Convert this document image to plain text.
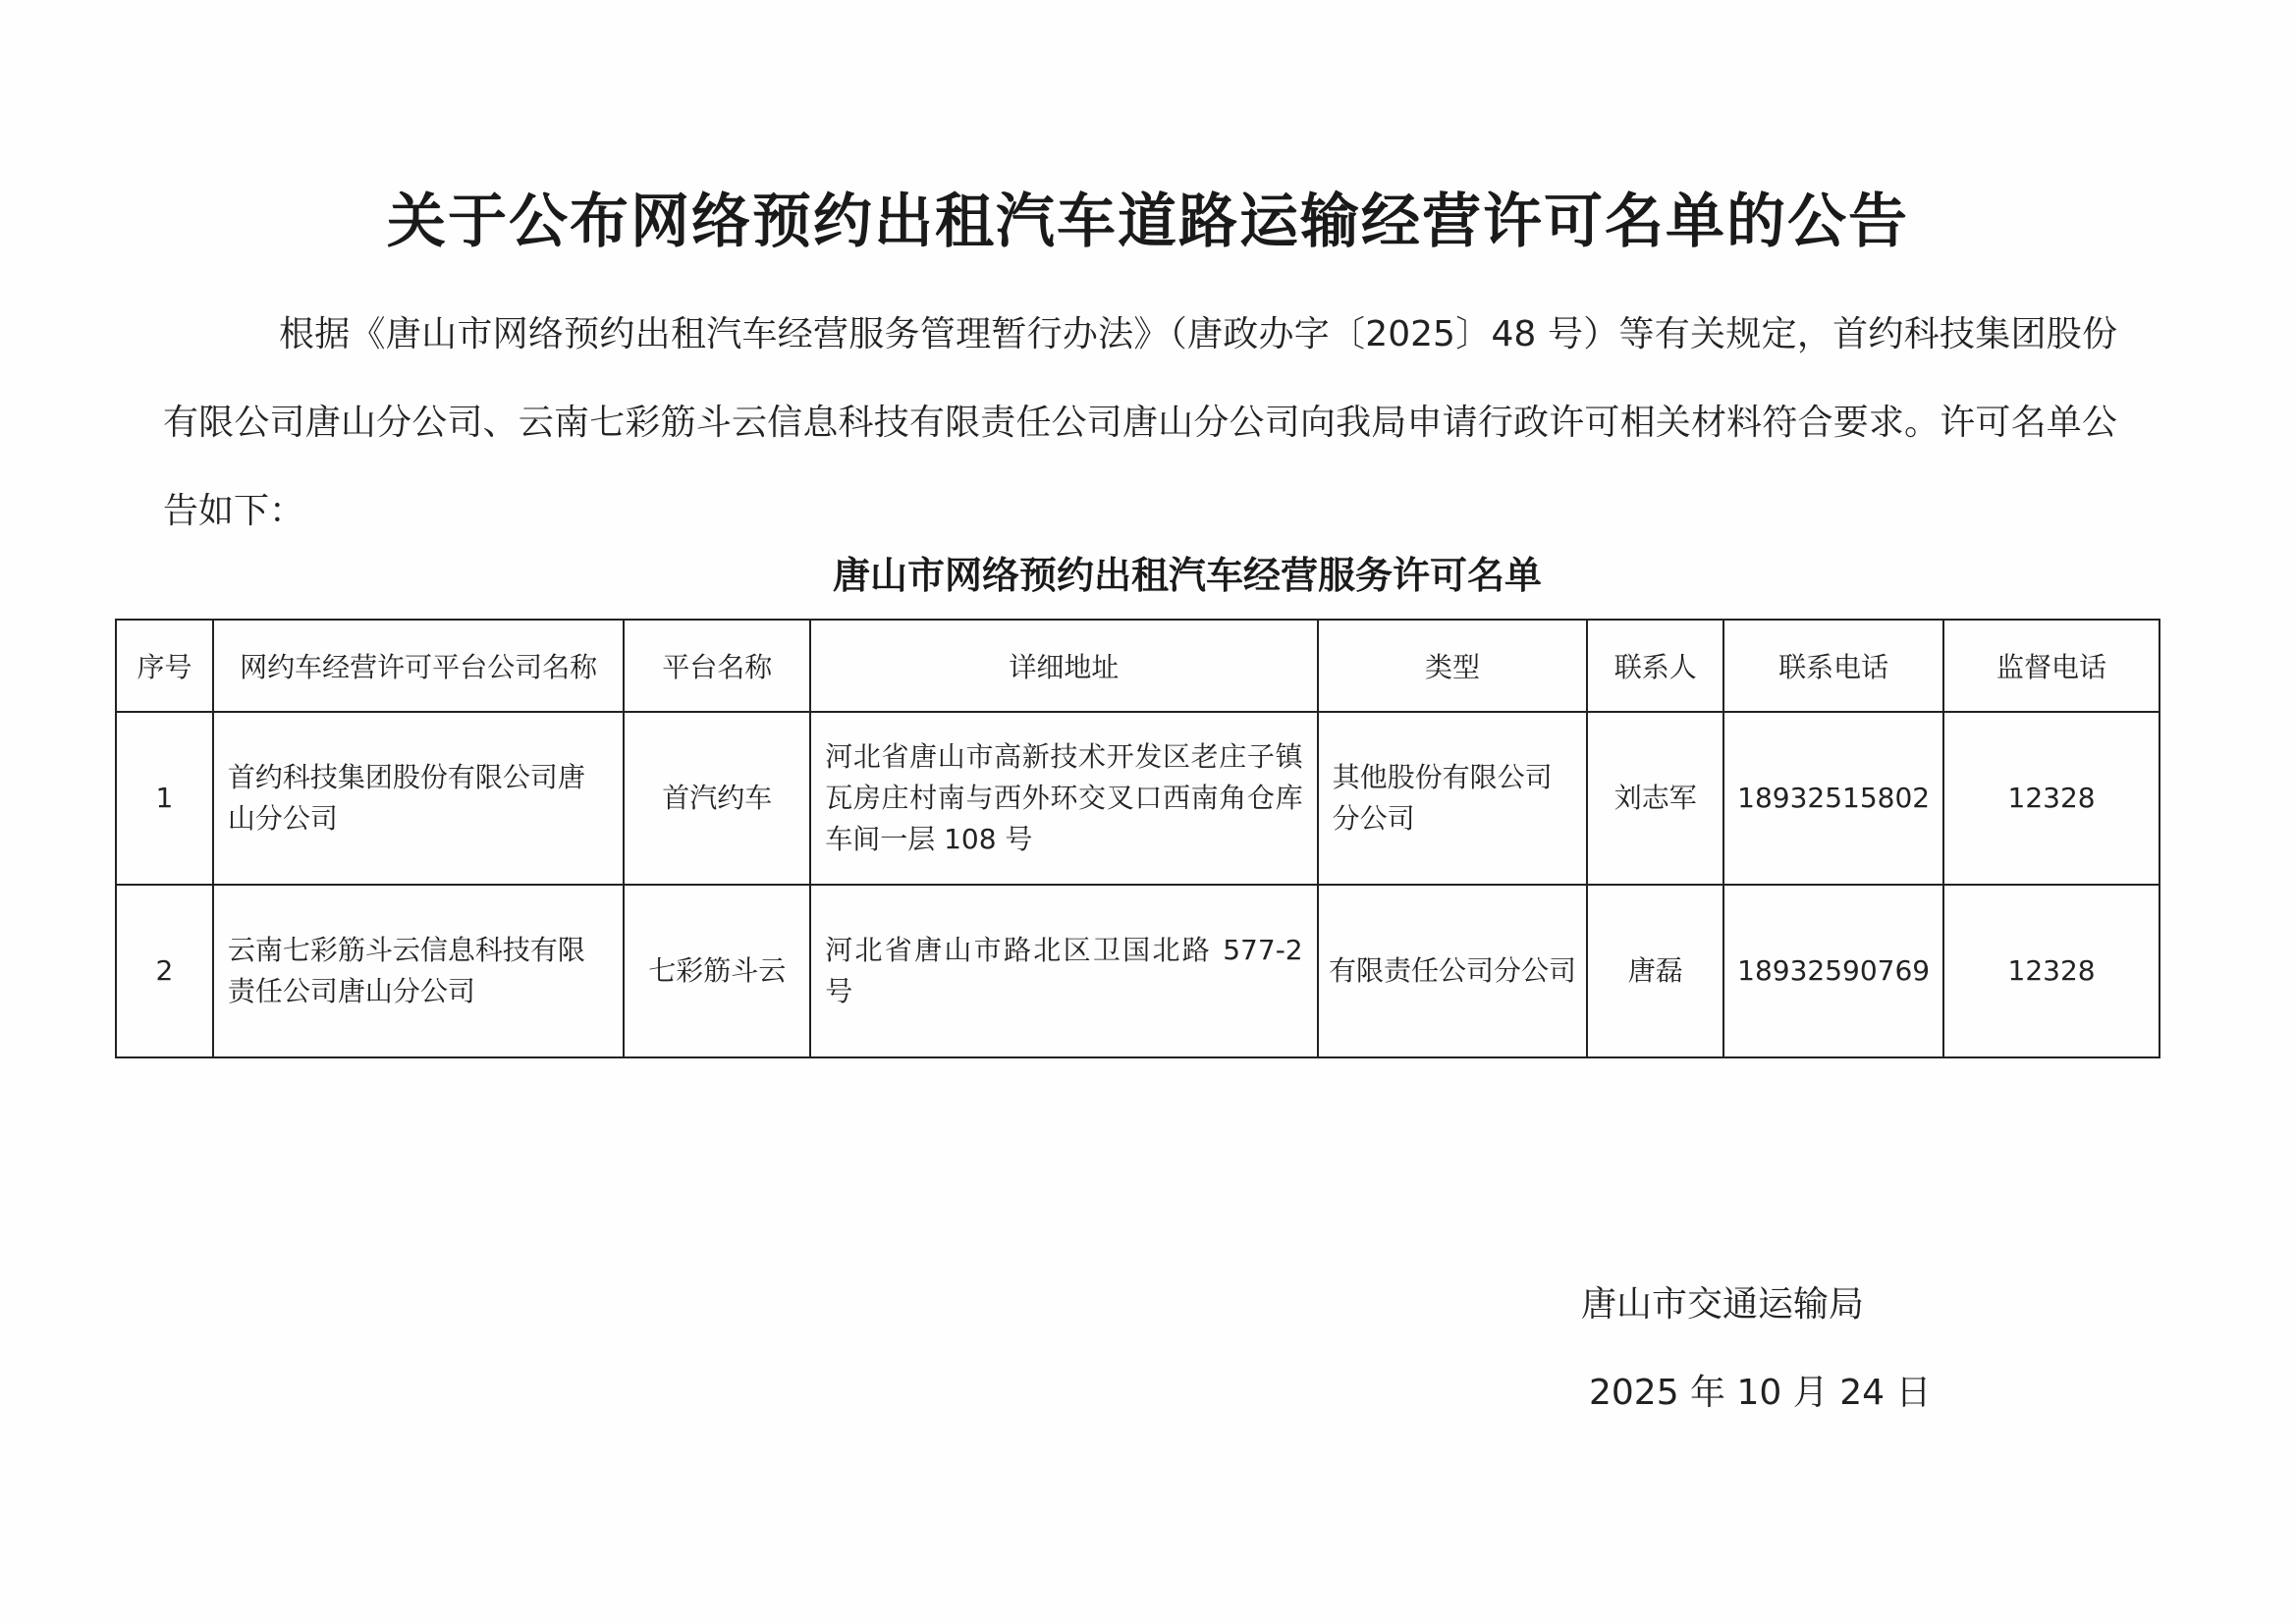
关于公布网络预约出租汽车道路运输经营许可名单的公告

根据《唐山市网络预约出租汽车经营服务管理暂行办法》（唐政办字〔2025〕48 号）等有关规定，首约科技集团股份有限公司唐山分公司、云南七彩筋斗云信息科技有限责任公司唐山分公司向我局申请行政许可相关材料符合要求。许可名单公告如下：

唐山市网络预约出租汽车经营服务许可名单
序号	网约车经营许可平台公司名称	平台名称	详细地址	类型	联系人	联系电话	监督电话
1	首约科技集团股份有限公司唐山分公司	首汽约车	河北省唐山市高新技术开发区老庄子镇瓦房庄村南与西外环交叉口西南角仓库车间一层 108 号	其他股份有限公司分公司	刘志军	18932515802	12328
2	云南七彩筋斗云信息科技有限责任公司唐山分公司	七彩筋斗云	河北省唐山市路北区卫国北路 577-2 号	有限责任公司分公司	唐磊	18932590769	12328
唐山市交通运输局
2025 年 10 月 24 日
